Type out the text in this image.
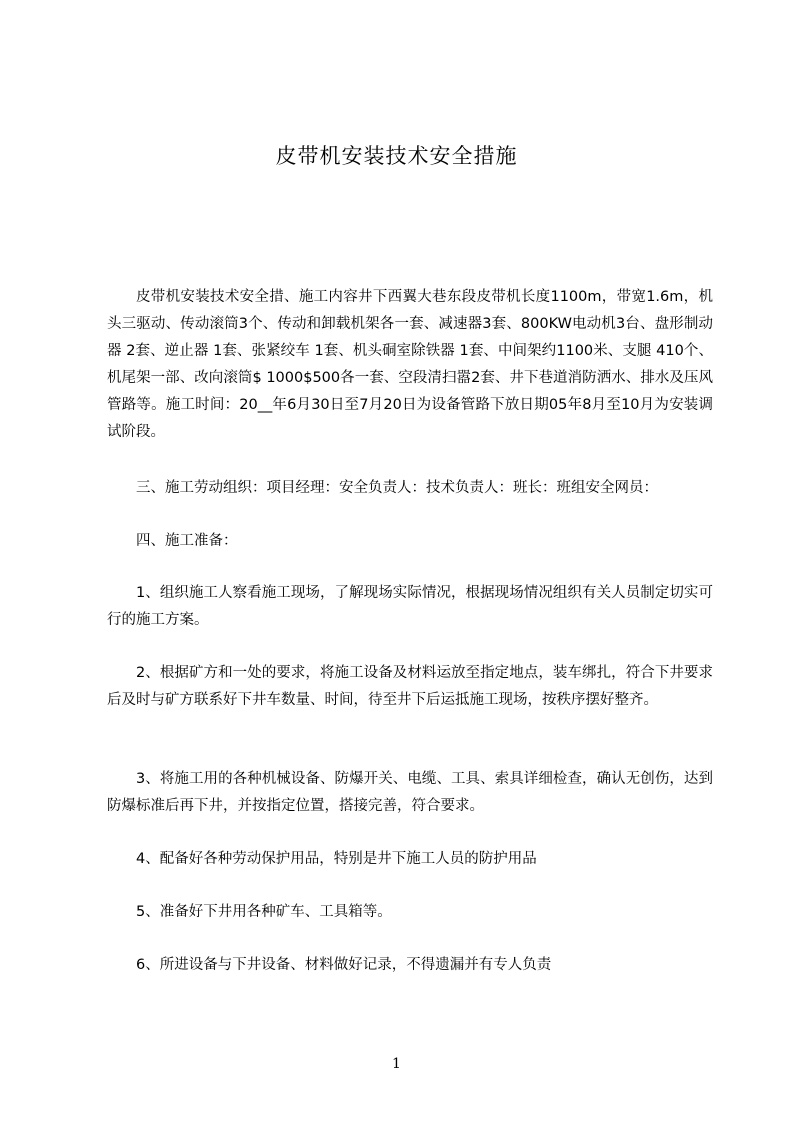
皮带机安装技术安全措施

皮带机安装技术安全措、施工内容井下西翼大巷东段皮带机长度1100m，带宽1.6m，机头三驱动、传动滚筒3个、传动和卸载机架各一套、减速器3套、800KW电动机3台、盘形制动器 2套、逆止器 1套、张紧绞车 1套、机头硐室除铁器 1套、中间架约1100米、支腿 410个、机尾架一部、改向滚筒$ 1000$500各一套、空段清扫嚣2套、井下巷道消防洒水、排水及压风管路等。施工时间：20__年6月30日至7月20日为设备管路下放日期05年8月至10月为安装调试阶段。

三、施工劳动组织：项目经理：安全负责人：技术负责人：班长：班组安全网员：

四、施工准备：

1、组织施工人察看施工现场，了解现场实际情况，根据现场情况组织有关人员制定切实可行的施工方案。

2、根据矿方和一处的要求，将施工设备及材料运放至指定地点，装车绑扎，符合下井要求后及时与矿方联系好下井车数量、时间，待至井下后运抵施工现场，按秩序摆好整齐。

3、将施工用的各种机械设备、防爆开关、电缆、工具、索具详细检查，确认无创伤，达到防爆标准后再下井，并按指定位置，搭接完善，符合要求。

4、配备好各种劳动保护用品，特别是井下施工人员的防护用品

5、准备好下井用各种矿车、工具箱等。

6、所进设备与下井设备、材料做好记录，不得遗漏并有专人负责

1
